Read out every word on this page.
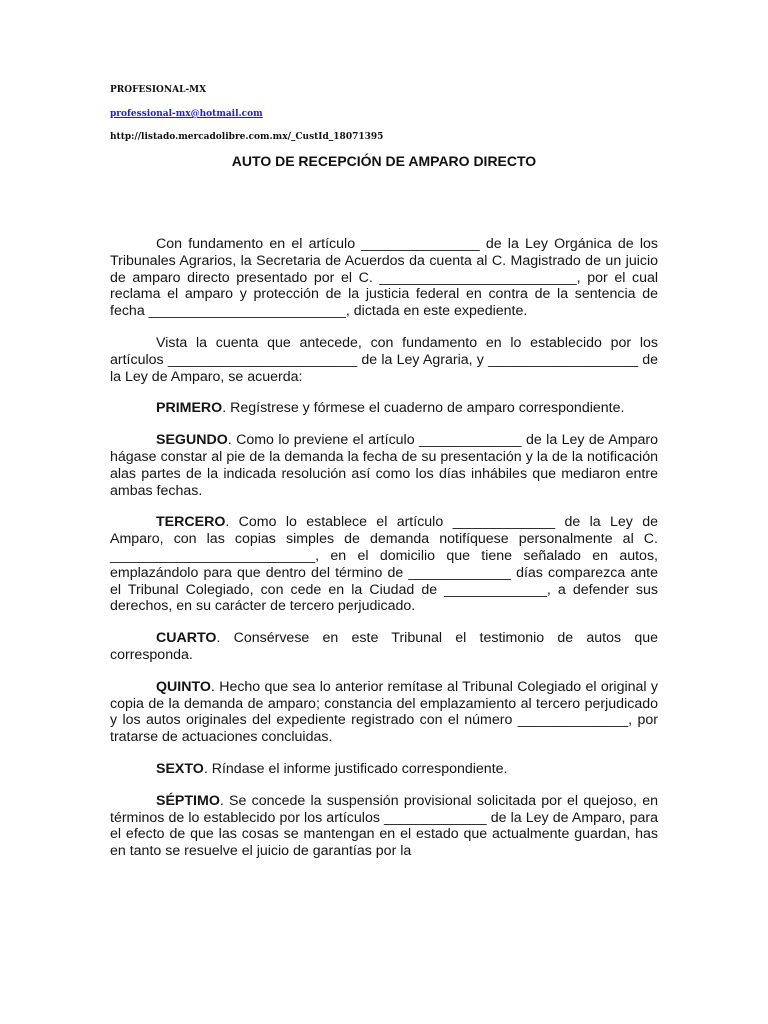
PROFESIONAL-MX
professional-mx@hotmail.com
http://listado.mercadolibre.com.mx/_CustId_18071395
AUTO DE RECEPCIÓN DE AMPARO DIRECTO

Con fundamento en el artículo _______________ de la Ley Orgánica de los Tribunales Agrarios, la Secretaria de Acuerdos da cuenta al C. Magistrado de un juicio de amparo directo presentado por el C. _________________________, por el cual reclama el amparo y protección de la justicia federal en contra de la sentencia de fecha _________________________, dictada en este expediente.

Vista la cuenta que antecede, con fundamento en lo establecido por los artículos ________________________ de la Ley Agraria, y ___________________ de la Ley de Amparo, se acuerda:

PRIMERO. Regístrese y fórmese el cuaderno de amparo correspondiente.

SEGUNDO. Como lo previene el artículo _____________ de la Ley de Amparo hágase constar al pie de la demanda la fecha de su presentación y la de la notificación alas partes de la indicada resolución así como los días inhábiles que mediaron entre ambas fechas.

TERCERO. Como lo establece el artículo _____________ de la Ley de Amparo, con las copias simples de demanda notifíquese personalmente al C. __________________________, en el domicilio que tiene señalado en autos, emplazándolo para que dentro del término de _____________ días comparezca ante el Tribunal Colegiado, con cede en la Ciudad de _____________, a defender sus derechos, en su carácter de tercero perjudicado.

CUARTO. Consérvese en este Tribunal el testimonio de autos que corresponda.

QUINTO. Hecho que sea lo anterior remítase al Tribunal Colegiado el original y copia de la demanda de amparo; constancia del emplazamiento al tercero perjudicado y los autos originales del expediente registrado con el número ______________, por tratarse de actuaciones concluidas.

SEXTO. Ríndase el informe justificado correspondiente.

SÉPTIMO. Se concede la suspensión provisional solicitada por el quejoso, en términos de lo establecido por los artículos _____________ de la Ley de Amparo, para el efecto de que las cosas se mantengan en el estado que actualmente guardan, has en tanto se resuelve el juicio de garantías por la
